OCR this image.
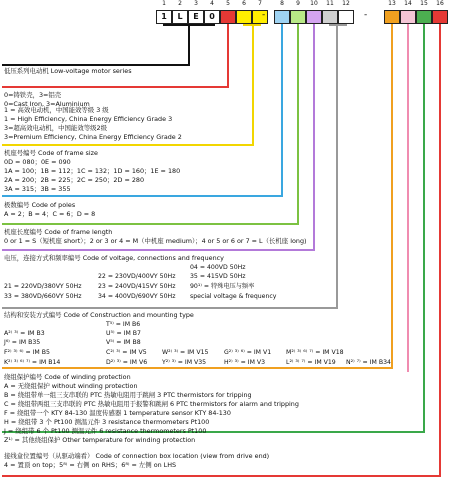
1	2	3	4	5	6	7	8	9	10	11	12	13	14	15	16
1	L	E	0	-	-
低压系列电动机 Low-voltage motor series
0=铸铁壳，3=铝壳
0=Cast Iron, 3=Aluminium
1 = 高效电动机，中国能效等级 3 级
1 = High Efficiency, China Energy Efficiency Grade 3
3=超高效电动机，中国能效等级2级
3=Premium Efficiency, China Energy Efficiency Grade 2
机座号编号 Code of frame size
0D = 080；0E = 090
1A = 100；1B = 112；1C = 132；1D = 160；1E = 180
2A = 200；2B = 225；2C = 250；2D = 280
3A = 315；3B = 355
极数编号 Code of poles
A = 2；B = 4；C = 6；D = 8
机座长度编号 Code of frame length
0 or 1 = S（短机座 short）；2 or 3 or 4 = M（中机座 medium）；4 or 5 or 6 or 7 = L（长机座 long)
电压，连接方式和频率编号 Code of voltage, connections and frequency
04 = 400VD 50Hz
22 = 230VD/400VY 50Hz 35 = 415VD 50Hz
21 = 220VD/380VY 50Hz	23 = 240VD/415VY 50Hz 90¹⁾ = 特殊电压与频率
33 = 380VD/660VY 50Hz	34 = 400VD/690VY 50Hz special voltage & frequency
结构和安装方式编号 Code of Construction and mounting type
T⁵⁾ = IM B6
A²⁾ ³⁾ = IM B3	U⁵⁾ = IM B7
J⁶⁾ = IM B35	V⁵⁾ = IM B8
F²⁾ ³⁾ ⁶⁾ = IM B5	C²⁾ ³⁾ = IM V5 W²⁾ ³⁾ = IM V15	G²⁾ ³⁾ ⁶⁾ = IM V1 M²⁾ ³⁾ ⁶⁾ ⁷⁾ = IM V18
K²⁾ ³⁾ ⁶⁾ ⁷⁾ = IM B14	D²⁾ ³⁾ = IM V6 Y²⁾ ³⁾ = IM V35	H²⁾ ³⁾ = IM V3	L²⁾ ³⁾ ⁷⁾ = IM V19 N²⁾ ⁷⁾ = IM B34
绕组保护编号 Code of winding protection
A = 无绕组保护 without winding protection
B = 绕组带单一组三支串联的 PTC 热敏电阻用于跳闸 3 PTC thermistors for tripping
C = 绕组带两组三支串联的 PTC 热敏电阻用于报警和跳闸 6 PTC thermistors for alarm and tripping
F = 绕组带一个 KTY 84-130 温度传感器 1 temperature sensor KTY 84-130
H = 绕组带 3 个 Pt100 测温元件 3 resistance thermometers Pt100
J = 绕组带 6 个 Pt100 测温元件 6 resistance thermometers Pt100
Z¹⁾ = 其他绕组保护 Other temperature for winding protection
接线盒位置编号（从驱动端看） Code of connection box location (view from drive end)
4 = 置顶 on top；5⁸⁾ = 右侧 on RHS；6⁸⁾ = 左侧 on LHS
